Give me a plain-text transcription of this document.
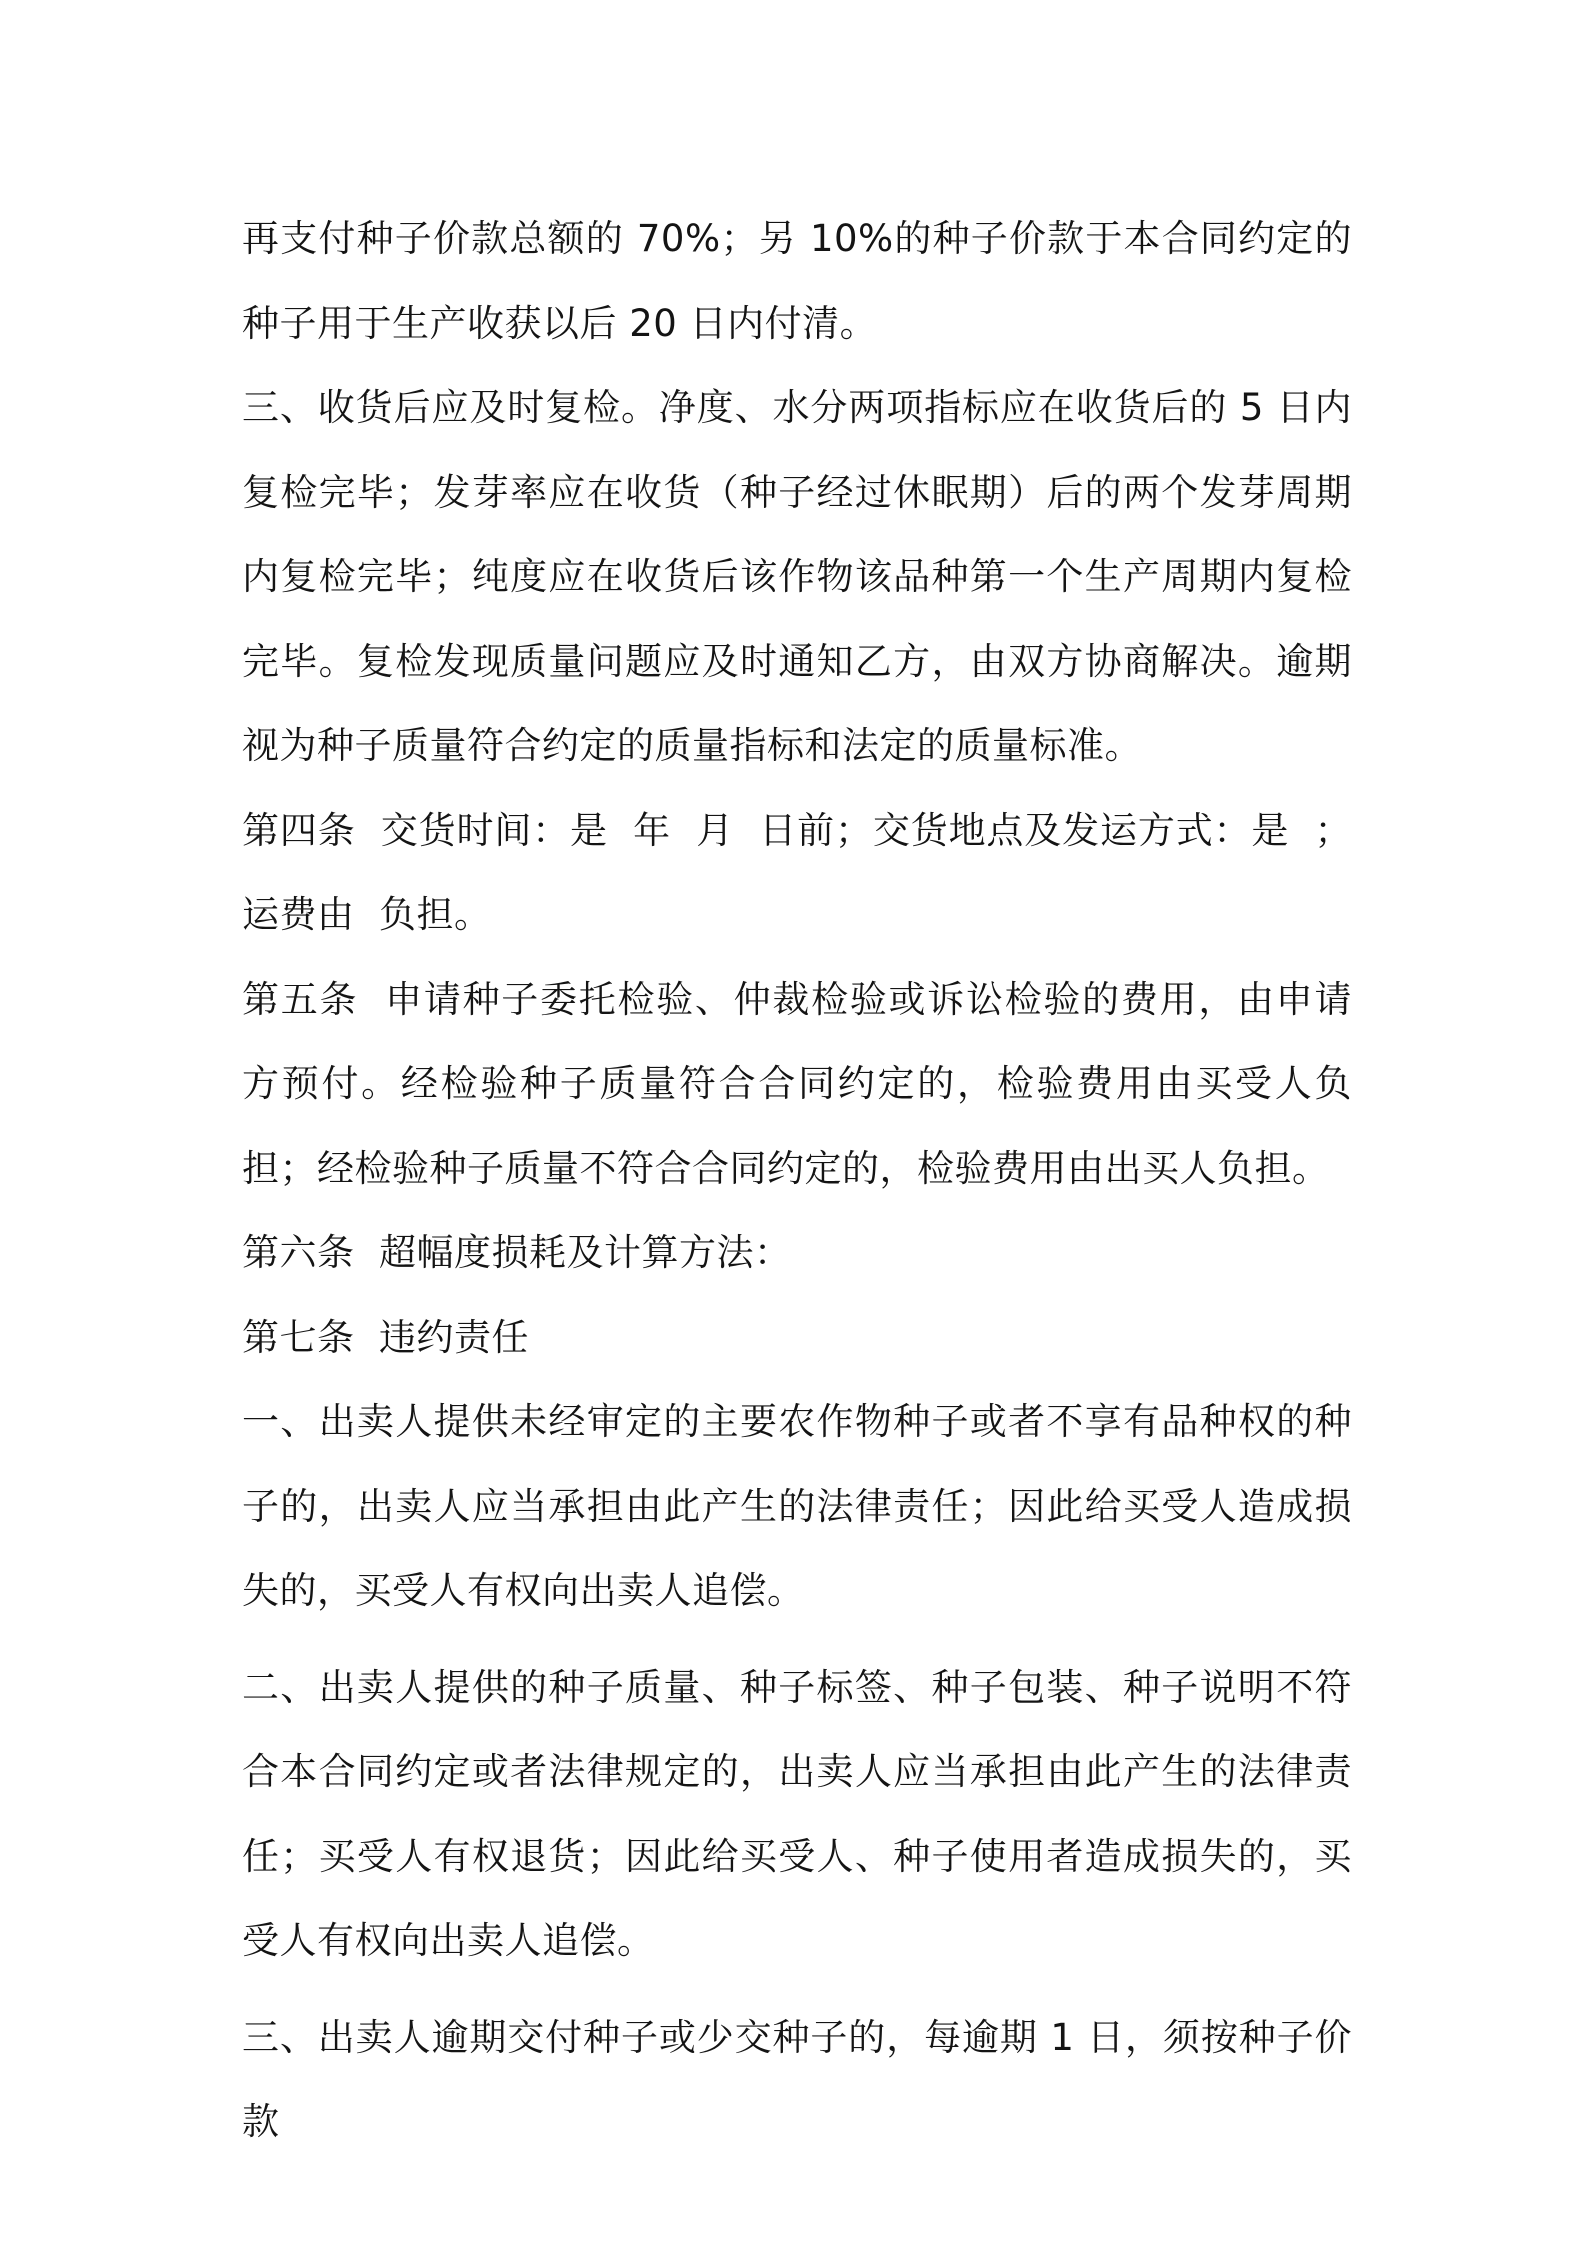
再支付种子价款总额的 70%；另 10%的种子价款于本合同约定的种子用于生产收获以后 20 日内付清。

三、收货后应及时复检。净度、水分两项指标应在收货后的 5 日内复检完毕；发芽率应在收货（种子经过休眠期）后的两个发芽周期内复检完毕；纯度应在收货后该作物该品种第一个生产周期内复检完毕。复检发现质量问题应及时通知乙方，由双方协商解决。逾期视为种子质量符合约定的质量指标和法定的质量标准。

第四条  交货时间：是  年  月  日前；交货地点及发运方式：是  ；运费由  负担。

第五条  申请种子委托检验、仲裁检验或诉讼检验的费用，由申请方预付。经检验种子质量符合合同约定的，检验费用由买受人负担；经检验种子质量不符合合同约定的，检验费用由出买人负担。

第六条  超幅度损耗及计算方法：

第七条  违约责任

一、出卖人提供未经审定的主要农作物种子或者不享有品种权的种子的，出卖人应当承担由此产生的法律责任；因此给买受人造成损失的，买受人有权向出卖人追偿。

二、出卖人提供的种子质量、种子标签、种子包装、种子说明不符合本合同约定或者法律规定的，出卖人应当承担由此产生的法律责任；买受人有权退货；因此给买受人、种子使用者造成损失的，买受人有权向出卖人追偿。

三、出卖人逾期交付种子或少交种子的，每逾期 1 日，须按种子价款
